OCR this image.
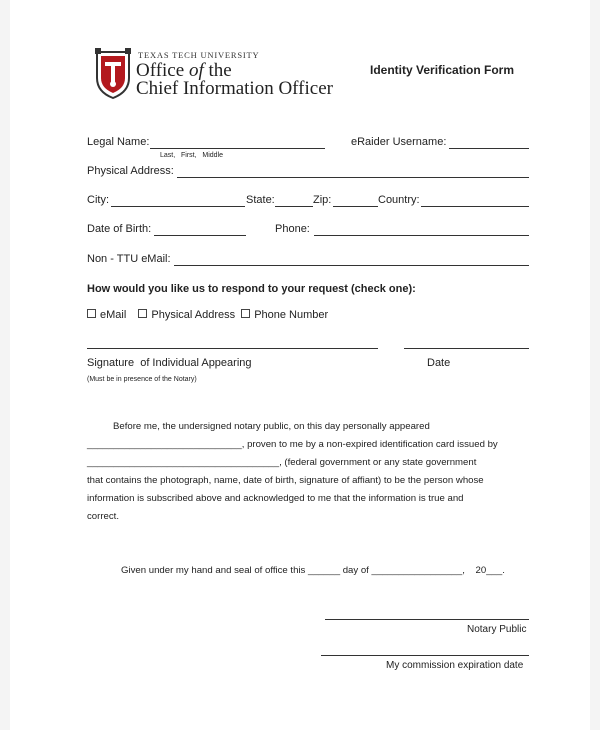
TEXAS TECH UNIVERSITY
Office of the
Chief Information Officer
Identity Verification Form
Legal Name:
Last,   First,   Middle
eRaider Username:
Physical Address:
City:	State:	Zip:	Country:
Date of Birth:	Phone:
Non - TTU eMail:
How would you like us to respond to your request (check one):
eMail Physical Address Phone Number
Signature  of Individual Appearing	Date
(Must be in presence of the Notary)
Before me, the undersigned notary public, on this day personally appeared
_____________________________, proven to me by a non-expired identification card issued by
____________________________________, (federal government or any state government
that contains the photograph, name, date of birth, signature of affiant) to be the person whose
information is subscribed above and acknowledged to me that the information is true and
correct.
Given under my hand and seal of office this ______ day of _________________,    20___.
Notary Public
My commission expiration date
